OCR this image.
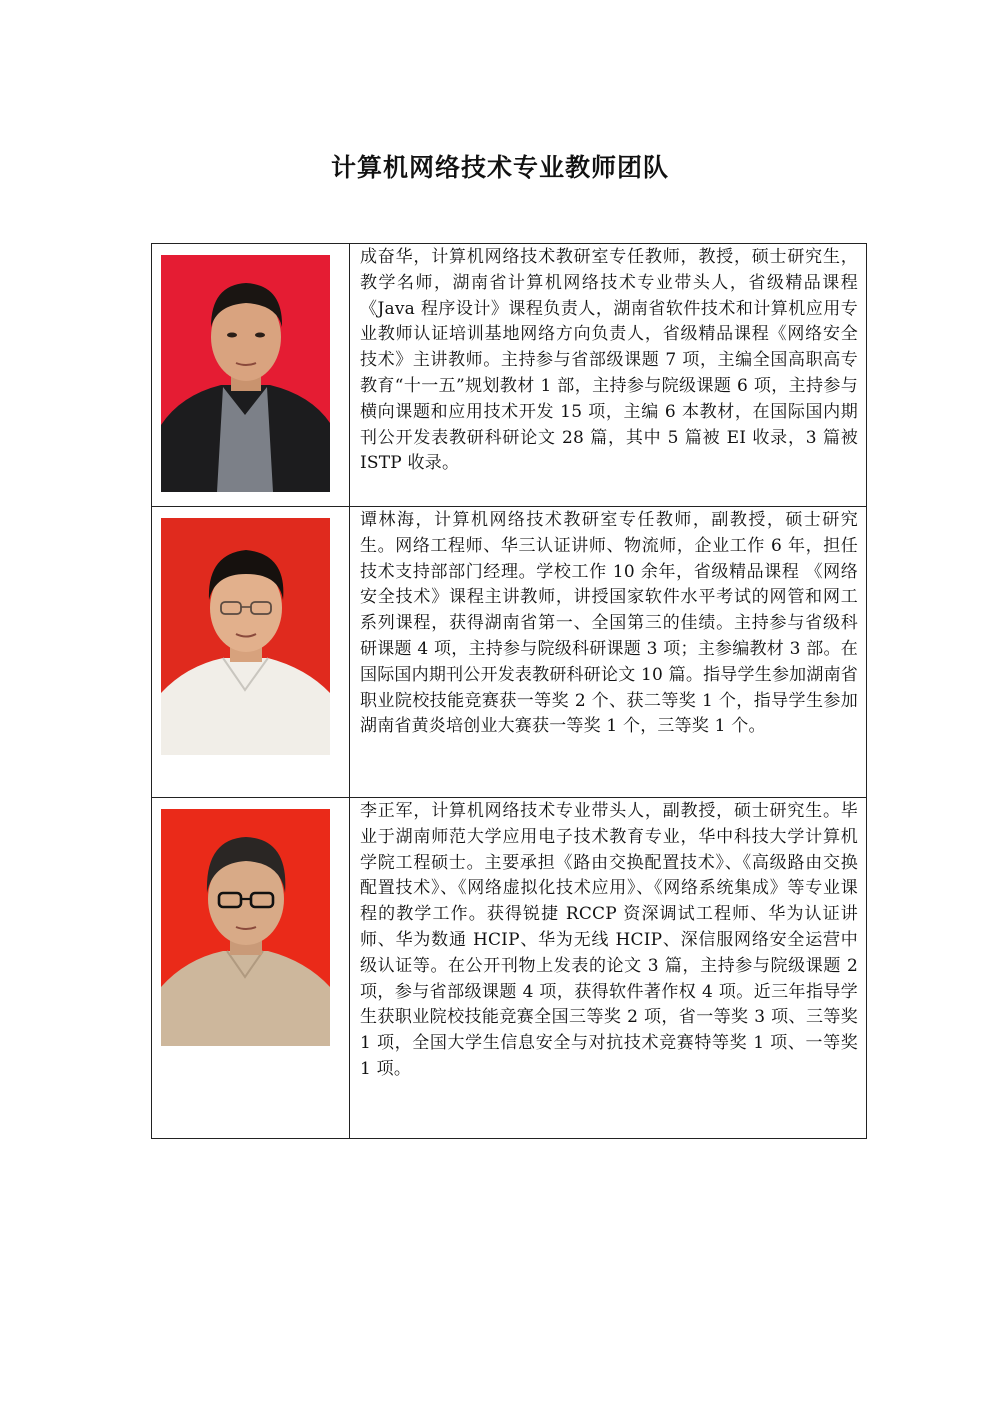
计算机网络技术专业教师团队
	成奋华，计算机网络技术教研室专任教师，教授，硕士研究生，教学名师，湖南省计算机网络技术专业带头人，省级精品课程《Java 程序设计》课程负责人，湖南省软件技术和计算机应用专业教师认证培训基地网络方向负责人，省级精品课程《网络安全技术》主讲教师。主持参与省部级课题 7 项，主编全国高职高专教育“十一五”规划教材 1 部，主持参与院级课题 6 项，主持参与横向课题和应用技术开发 15 项，主编 6 本教材，在国际国内期刊公开发表教研科研论文 28 篇，其中 5 篇被 EI 收录，3 篇被 ISTP 收录。

	谭林海，计算机网络技术教研室专任教师，副教授，硕士研究生。网络工程师、华三认证讲师、物流师，企业工作 6 年，担任技术支持部部门经理。学校工作 10 余年，省级精品课程 《网络安全技术》课程主讲教师，讲授国家软件水平考试的网管和网工系列课程，获得湖南省第一、全国第三的佳绩。主持参与省级科研课题 4 项，主持参与院级科研课题 3 项；主参编教材 3 部。在国际国内期刊公开发表教研科研论文 10 篇。指导学生参加湖南省职业院校技能竞赛获一等奖 2 个、获二等奖 1 个，指导学生参加湖南省黄炎培创业大赛获一等奖 1 个，三等奖 1 个。

	李正军，计算机网络技术专业带头人，副教授，硕士研究生。毕业于湖南师范大学应用电子技术教育专业，华中科技大学计算机学院工程硕士。主要承担《路由交换配置技术》、《高级路由交换配置技术》、《网络虚拟化技术应用》、《网络系统集成》等专业课程的教学工作。获得锐捷 RCCP 资深调试工程师、华为认证讲师、华为数通 HCIP、华为无线 HCIP、深信服网络安全运营中级认证等。在公开刊物上发表的论文 3 篇，主持参与院级课题 2 项，参与省部级课题 4 项，获得软件著作权 4 项。近三年指导学生获职业院校技能竞赛全国三等奖 2 项，省一等奖 3 项、三等奖 1 项，全国大学生信息安全与对抗技术竞赛特等奖 1 项、一等奖 1 项。
